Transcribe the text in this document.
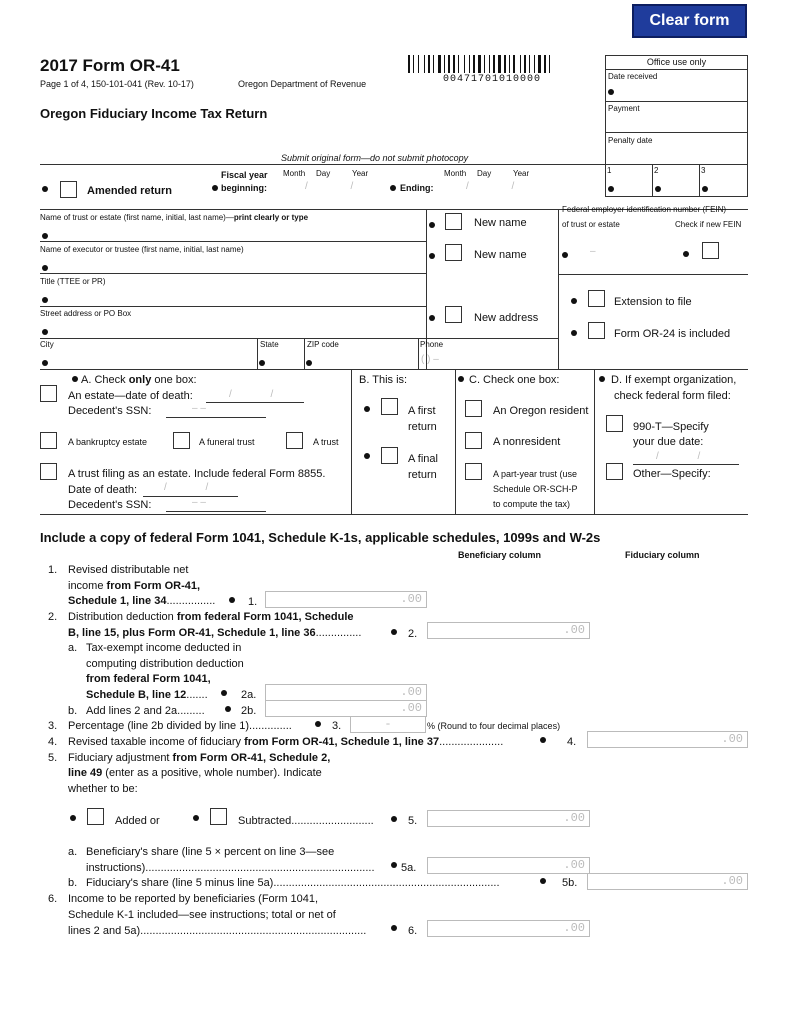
Clear form
2017 Form OR-41
Page 1 of 4, 150-101-041 (Rev. 10-17)	Oregon Department of Revenue
Oregon Fiduciary Income Tax Return
00471701010000
Office use only
Date received
Payment
Penalty date
1	2	3
Submit original form—do not submit photocopy
Amended return
Fiscal year
beginning:
Month Day	Year
/ /	Ending:
Month Day	Year
/ /
Name of trust or estate (first name, initial, last name)—print clearly or type
Name of executor or trustee (first name, initial, last name)
Title (TTEE or PR)
Street address or PO Box
City	State	ZIP code	Phone
( ) –
New name
New name
New address
Federal employer identification number (FEIN)
of trust or estate	Check if new FEIN
–
Extension to file
Form OR-24 is included
A. Check only one box:
An estate—date of death:	/ /
Decedent's SSN:	– –
A bankruptcy estate	A funeral trust	A trust
A trust filing as an estate. Include federal Form 8855.
Date of death:	/ /
Decedent's SSN:	– –
B. This is:
A first
return
A final
return
C. Check one box:
An Oregon resident
A nonresident
A part-year trust (use
Schedule OR-SCH-P
to compute the tax)
D. If exempt organization,
check federal form filed:
990-T—Specify
your due date:
/ /
Other—Specify:
Include a copy of federal Form 1041, Schedule K-1s, applicable schedules, 1099s and W-2s
Beneficiary column	Fiduciary column
1. Revised distributable net
income from Form OR-41,
Schedule 1, line 34................	1.	.00
2. Distribution deduction from federal Form 1041, Schedule
B, line 15, plus Form OR-41, Schedule 1, line 36...............	2.	.00
a. Tax-exempt income deducted in
computing distribution deduction
from federal Form 1041,
Schedule B, line 12.......	2a.	.00
b. Add lines 2 and 2a.........	2b.	.00
3. Percentage (line 2b divided by line 1)..............	3.	-	% (Round to four decimal places)
4. Revised taxable income of fiduciary from Form OR-41, Schedule 1, line 37.....................	4.	.00
5. Fiduciary adjustment from Form OR-41, Schedule 2,
line 49 (enter as a positive, whole number). Indicate
whether to be:
Added or	Subtracted...........................	5.	.00
a. Beneficiary's share (line 5 × percent on line 3—see
instructions)...........................................................................	5a.	.00
b. Fiduciary's share (line 5 minus line 5a)..........................................................................	5b.	.00
6. Income to be reported by beneficiaries (Form 1041,
Schedule K-1 included—see instructions; total or net of
lines 2 and 5a)..........................................................................	6.	.00
